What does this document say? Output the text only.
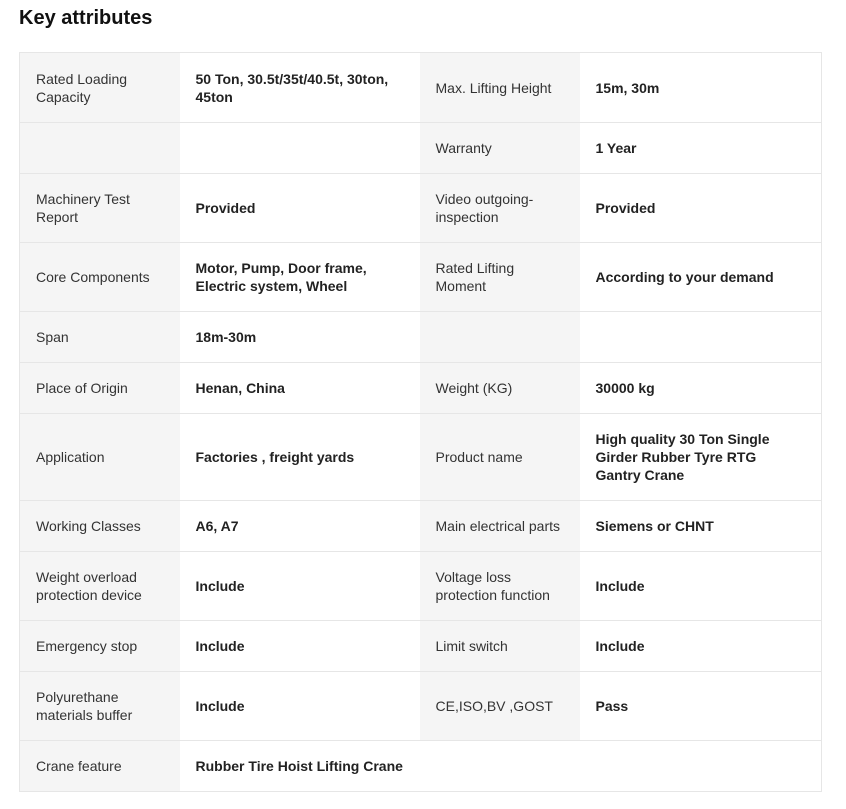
Key attributes
Rated Loading Capacity	50 Ton, 30.5t/35t/40.5t, 30ton, 45ton	Max. Lifting Height	15m, 30m
		Warranty	1 Year
Machinery Test Report	Provided	Video outgoing-inspection	Provided
Core Components	Motor, Pump, Door frame, Electric system, Wheel	Rated Lifting Moment	According to your demand
Span	18m-30m		
Place of Origin	Henan, China	Weight (KG)	30000 kg
Application	Factories , freight yards	Product name	High quality 30 Ton Single Girder Rubber Tyre RTG Gantry Crane
Working Classes	A6, A7	Main electrical parts	Siemens or CHNT
Weight overload protection device	Include	Voltage loss protection function	Include
Emergency stop	Include	Limit switch	Include
Polyurethane materials buffer	Include	CE,ISO,BV ,GOST	Pass
Crane feature	Rubber Tire Hoist Lifting Crane		
